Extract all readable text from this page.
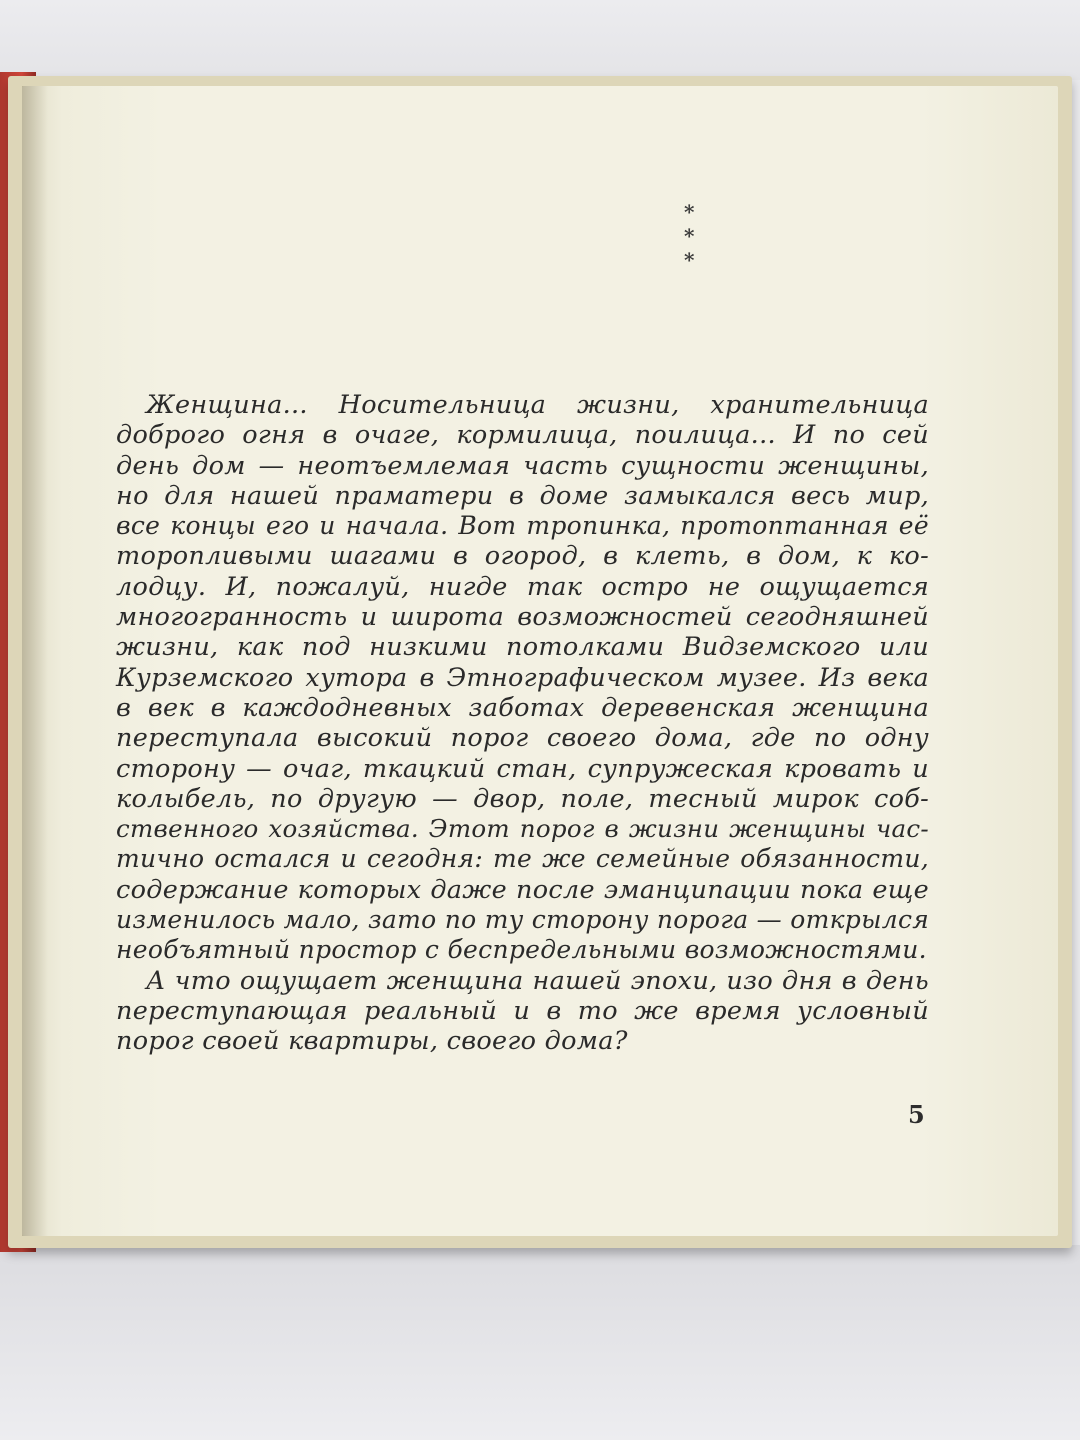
* * *
Женщина... Носительница жизни, хранительница
доброго огня в очаге, кормилица, поилица... И по сей
день дом — неотъемлемая часть сущности женщины,
но для нашей праматери в доме замыкался весь мир,
все концы его и начала. Вот тропинка, протоптанная её
торопливыми шагами в огород, в клеть, в дом, к ко-
лодцу. И, пожалуй, нигде так остро не ощущается
многогранность и широта возможностей сегодняшней
жизни, как под низкими потолками Видземского или
Курземского хутора в Этнографическом музее. Из века
в век в каждодневных заботах деревенская женщина
переступала высокий порог своего дома, где по одну
сторону — очаг, ткацкий стан, супружеская кровать и
колыбель, по другую — двор, поле, тесный мирок соб-
ственного хозяйства. Этот порог в жизни женщины час-
тично остался и сегодня: те же семейные обязанности,
содержание которых даже после эманципации пока еще
изменилось мало, зато по ту сторону порога — открылся
необъятный простор с беспредельными возможностями.
А что ощущает женщина нашей эпохи, изо дня в день
переступающая реальный и в то же время условный
порог своей квартиры, своего дома?
5
